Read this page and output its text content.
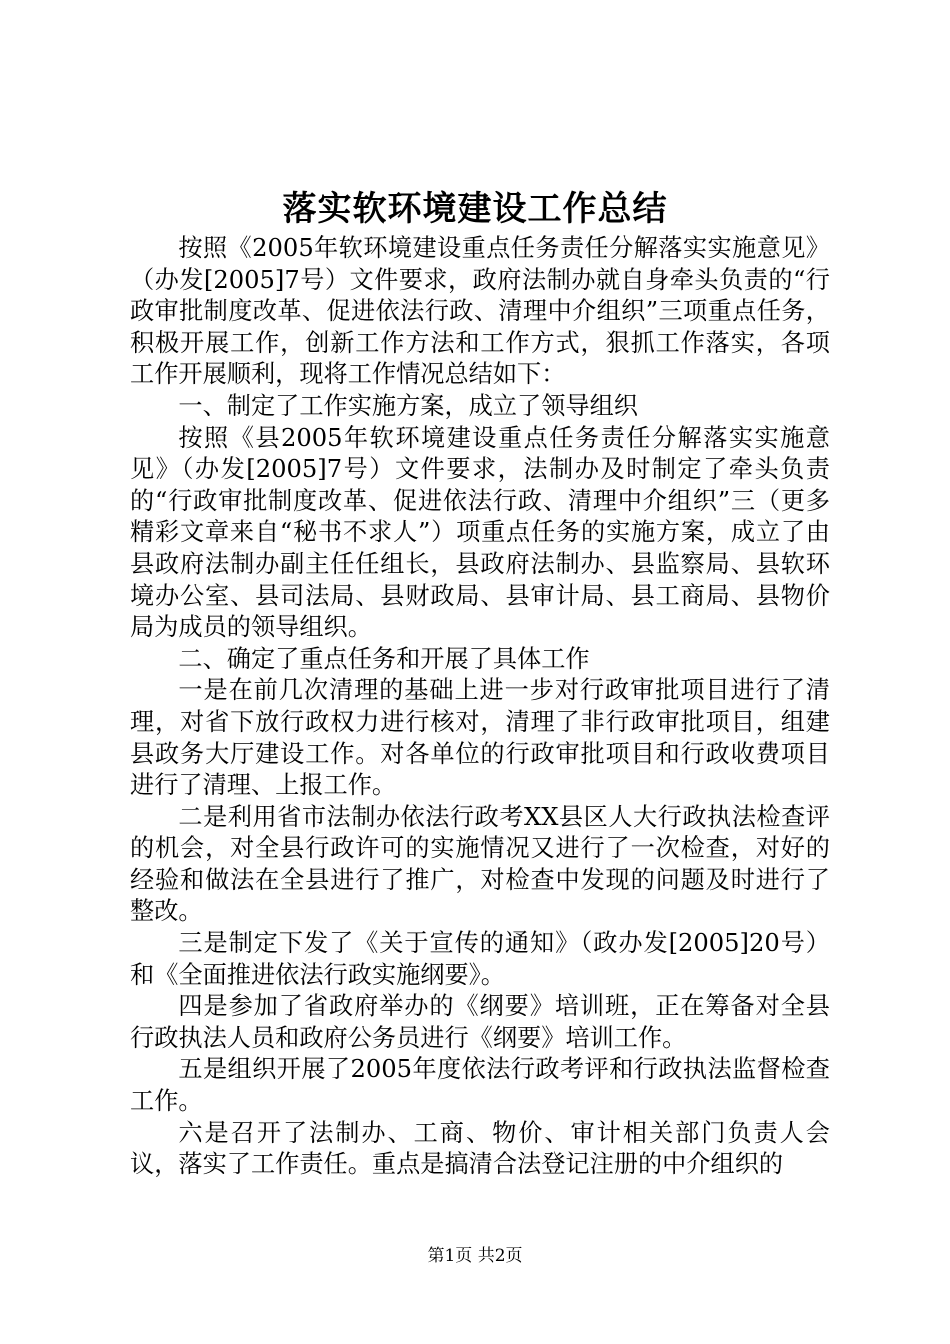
落实软环境建设工作总结

按照《2005年软环境建设重点任务责任分解落实实施意见》（办发[2005]7号）文件要求，政府法制办就自身牵头负责的“行政审批制度改革、促进依法行政、清理中介组织”三项重点任务，积极开展工作，创新工作方法和工作方式，狠抓工作落实，各项工作开展顺利，现将工作情况总结如下：

一、制定了工作实施方案，成立了领导组织

按照《县2005年软环境建设重点任务责任分解落实实施意见》（办发[2005]7号）文件要求，法制办及时制定了牵头负责的“行政审批制度改革、促进依法行政、清理中介组织”三（更多精彩文章来自“秘书不求人”）项重点任务的实施方案，成立了由县政府法制办副主任任组长，县政府法制办、县监察局、县软环境办公室、县司法局、县财政局、县审计局、县工商局、县物价局为成员的领导组织。

二、确定了重点任务和开展了具体工作

一是在前几次清理的基础上进一步对行政审批项目进行了清理，对省下放行政权力进行核对，清理了非行政审批项目，组建县政务大厅建设工作。对各单位的行政审批项目和行政收费项目进行了清理、上报工作。

二是利用省市法制办依法行政考XX县区人大行政执法检查评的机会，对全县行政许可的实施情况又进行了一次检查，对好的经验和做法在全县进行了推广，对检查中发现的问题及时进行了整改。

三是制定下发了《关于宣传的通知》（政办发[2005]20号）和《全面推进依法行政实施纲要》。

四是参加了省政府举办的《纲要》培训班，正在筹备对全县行政执法人员和政府公务员进行《纲要》培训工作。

五是组织开展了2005年度依法行政考评和行政执法监督检查工作。

六是召开了法制办、工商、物价、审计相关部门负责人会议，落实了工作责任。重点是搞清合法登记注册的中介组织的

第1页 共2页
